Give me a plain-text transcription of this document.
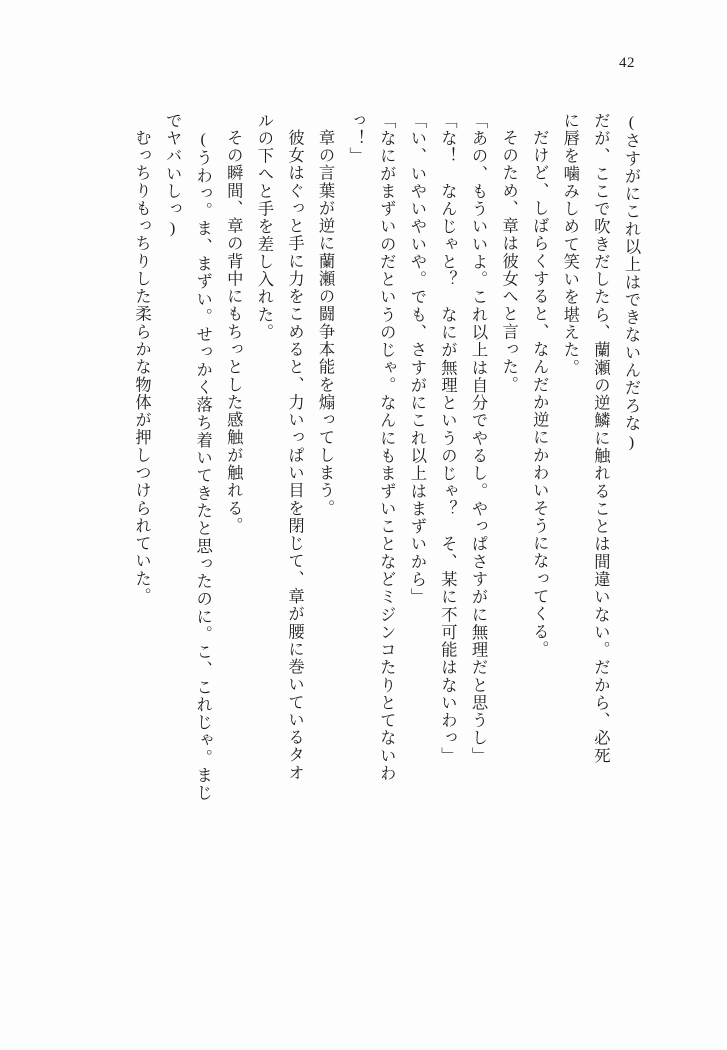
42
(さすがにこれ以上はできないんだろな)
だが、ここで吹きだしたら、蘭瀬の逆鱗に触れることは間違いない。だから、必死
に唇を噛みしめて笑いを堪えた。
だけど、しばらくすると、なんだか逆にかわいそうになってくる。
そのため、章は彼女へと言った。
「あの、もういいよ。これ以上は自分でやるし。やっぱさすがに無理だと思うし」
「な！　なんじゃと？　なにが無理というのじゃ？　そ、某に不可能はないわっ」
「い、いやいやいや。でも、さすがにこれ以上はまずいから」
「なにがまずいのだというのじゃ。なんにもまずいことなどミジンコたりとてないわ
っ！」
章の言葉が逆に蘭瀬の闘争本能を煽ってしまう。
彼女はぐっと手に力をこめると、力いっぱい目を閉じて、章が腰に巻いているタオ
ルの下へと手を差し入れた。
その瞬間、章の背中にもちっとした感触が触れる。
(うわっ。ま、まずい。せっかく落ち着いてきたと思ったのに。こ、これじゃ。まじ
でヤバいしっ)
むっちりもっちりした柔らかな物体が押しつけられていた。
